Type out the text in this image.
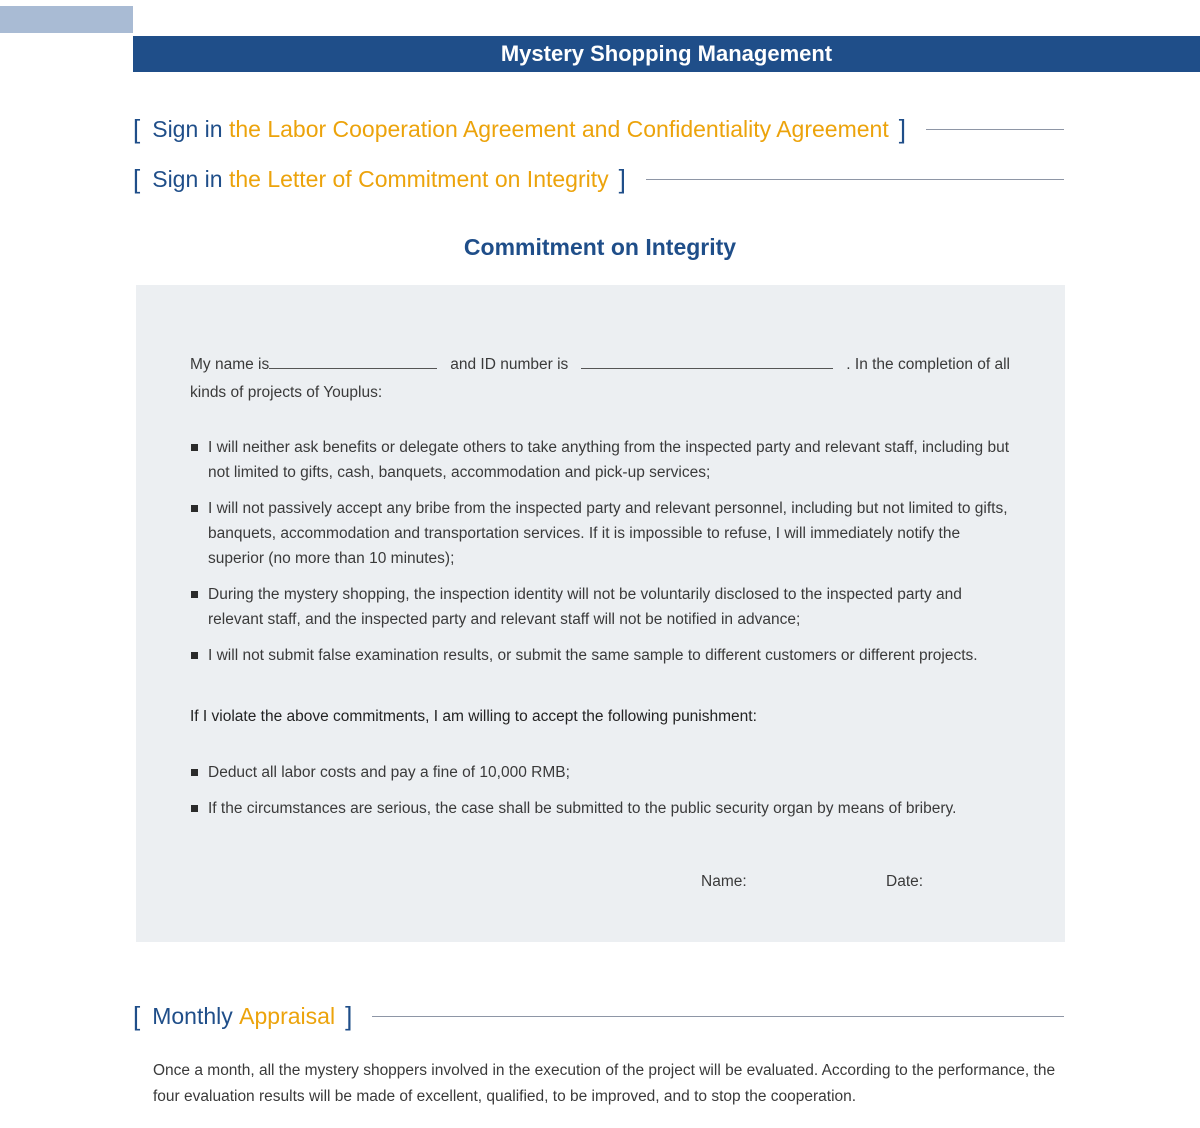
Mystery Shopping Management
[ Sign in
the Labor Cooperation Agreement and Confidentiality Agreement ]
[ Sign in
the Letter of Commitment on Integrity ]
Commitment on Integrity
My name is	and ID number is	. In the completion of all
kinds of projects of Youplus:
I will neither ask benefits or delegate others to take anything from the inspected party and relevant staff, including but not limited to gifts, cash, banquets, accommodation and pick-up services;
I will not passively accept any bribe from the inspected party and relevant personnel, including but not limited to gifts, banquets, accommodation and transportation services. If it is impossible to refuse, I will immediately notify the superior (no more than 10 minutes);
During the mystery shopping, the inspection identity will not be voluntarily disclosed to the inspected party and relevant staff, and the inspected party and relevant staff will not be notified in advance;
I will not submit false examination results, or submit the same sample to different customers or different projects.
If I violate the above commitments, I am willing to accept the following punishment:
Deduct all labor costs and pay a fine of 10,000 RMB;
If the circumstances are serious, the case shall be submitted to the public security organ by means of bribery.
Name:	Date:
[ Monthly
Appraisal ]
Once a month, all the mystery shoppers involved in the execution of the project will be evaluated. According to the performance, the four evaluation results will be made of excellent, qualified, to be improved, and to stop the cooperation.
